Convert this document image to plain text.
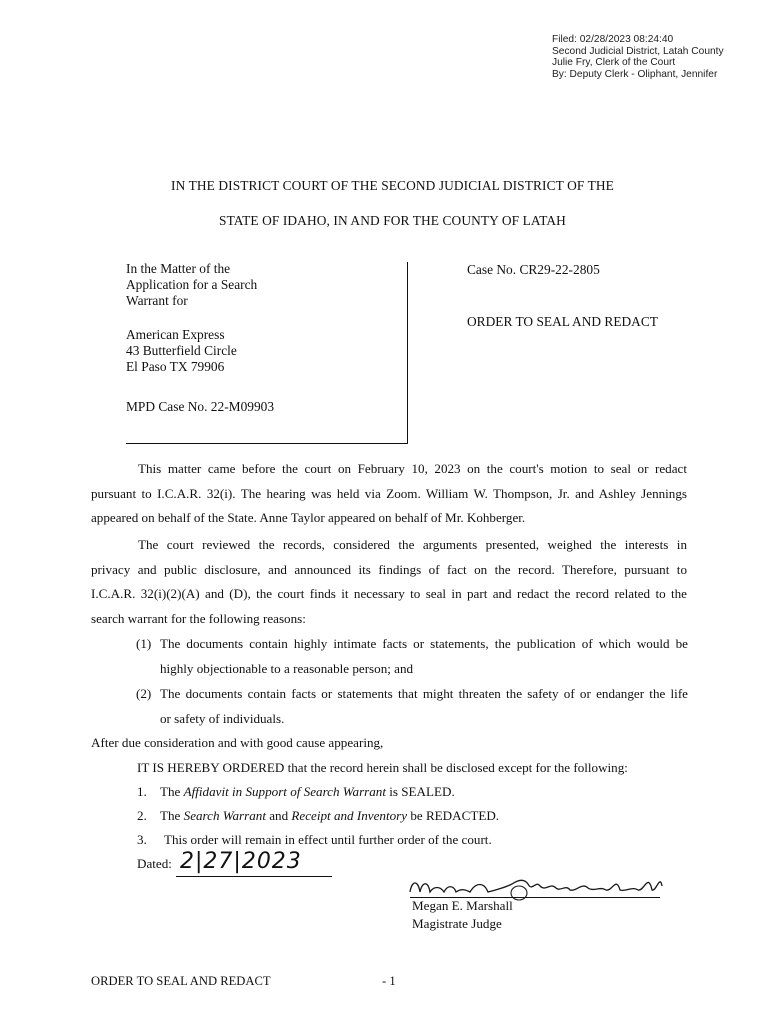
Filed: 02/28/2023 08:24:40
Second Judicial District, Latah County
Julie Fry, Clerk of the Court
By: Deputy Clerk - Oliphant, Jennifer
IN THE DISTRICT COURT OF THE SECOND JUDICIAL DISTRICT OF THE
STATE OF IDAHO, IN AND FOR THE COUNTY OF LATAH
In the Matter of the
Application for a Search
Warrant for
American Express
43 Butterfield Circle
El Paso TX 79906
MPD Case No. 22-M09903
Case No. CR29-22-2805
ORDER TO SEAL AND REDACT
This matter came before the court on February 10, 2023 on the court's motion to seal or redact
pursuant to I.C.A.R. 32(i). The hearing was held via Zoom. William W. Thompson, Jr. and Ashley Jennings
appeared on behalf of the State. Anne Taylor appeared on behalf of Mr. Kohberger.
The court reviewed the records, considered the arguments presented, weighed the interests in
privacy and public disclosure, and announced its findings of fact on the record. Therefore, pursuant to
I.C.A.R. 32(i)(2)(A) and (D), the court finds it necessary to seal in part and redact the record related to the
search warrant for the following reasons:
(1) The documents contain highly intimate facts or statements, the publication of which would be
highly objectionable to a reasonable person; and
(2) The documents contain facts or statements that might threaten the safety of or endanger the life
or safety of individuals.
After due consideration and with good cause appearing,
IT IS HEREBY ORDERED that the record herein shall be disclosed except for the following:
1. The Affidavit in Support of Search Warrant is SEALED.
2. The Search Warrant and Receipt and Inventory be REDACTED.
3. This order will remain in effect until further order of the court.
Dated: 2|27|2023
Megan E. Marshall
Magistrate Judge
ORDER TO SEAL AND REDACT	- 1
